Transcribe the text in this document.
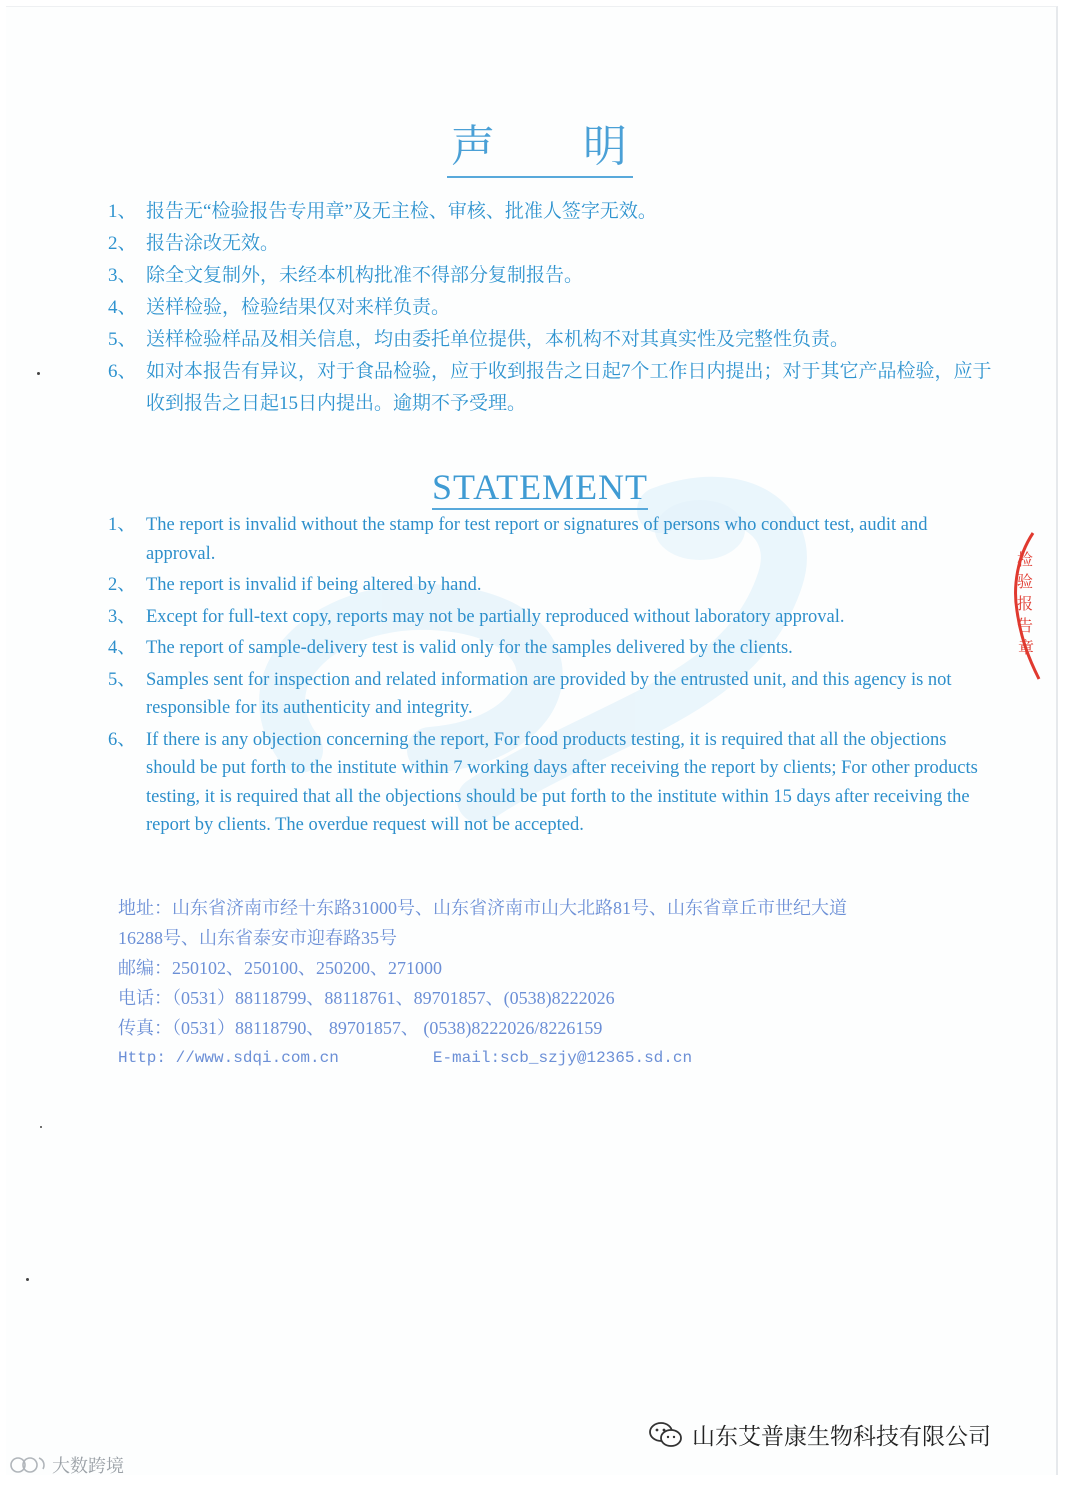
声 明
1、 报告无“检验报告专用章”及无主检、审核、批准人签字无效。
2、 报告涂改无效。
3、 除全文复制外，未经本机构批准不得部分复制报告。
4、 送样检验，检验结果仅对来样负责。
5、 送样检验样品及相关信息，均由委托单位提供，本机构不对其真实性及完整性负责。
6、 如对本报告有异议，对于食品检验，应于收到报告之日起7个工作日内提出；对于其它产品检验，应于收到报告之日起15日内提出。逾期不予受理。
STATEMENT
1、 The report is invalid without the stamp for test report or signatures of persons who conduct test, audit and approval.
2、 The report is invalid if being altered by hand.
3、 Except for full-text copy, reports may not be partially reproduced without laboratory approval.
4、 The report of sample-delivery test is valid only for the samples delivered by the clients.
5、 Samples sent for inspection and related information are provided by the entrusted unit, and this agency is not responsible for its authenticity and integrity.
6、 If there is any objection concerning the report, For food products testing, it is required that all the objections should be put forth to the institute within 7 working days after receiving the report by clients; For other products testing, it is required that all the objections should be put forth to the institute within 15 days after receiving the report by clients. The overdue request will not be accepted.
地址：山东省济南市经十东路31000号、山东省济南市山大北路81号、山东省章丘市世纪大道
16288号、山东省泰安市迎春路35号
邮编：250102、250100、250200、271000
电话：（0531）88118799、88118761、89701857、(0538)8222026
传真：（0531）88118790、 89701857、 (0538)8222026/8226159
Http: //www.sdqi.com.cn	E-mail:scb_szjy@12365.sd.cn
检
验
报
告
章
山东艾普康生物科技有限公司
大数跨境
